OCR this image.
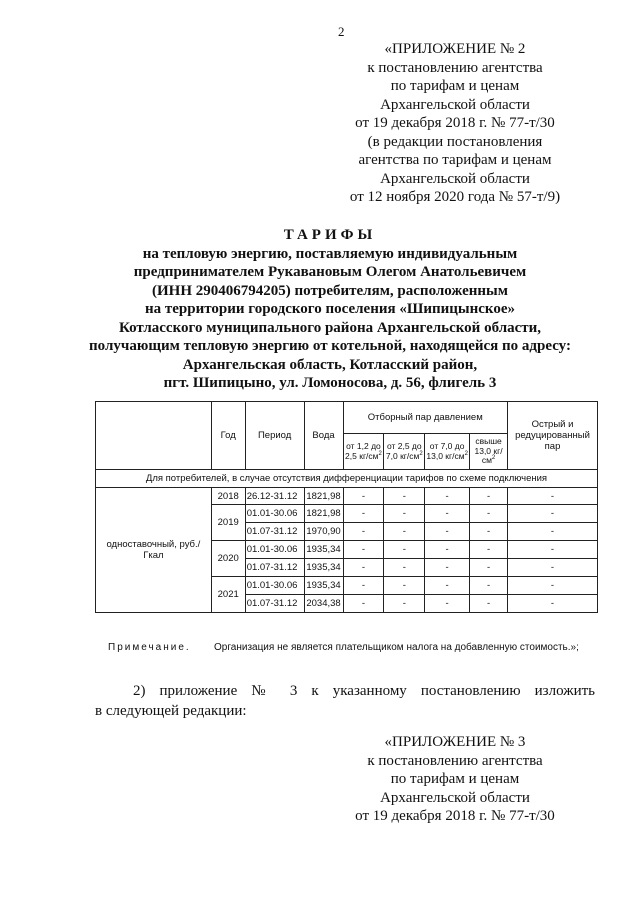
2
«ПРИЛОЖЕНИЕ № 2
к постановлению агентства
по тарифам и ценам
Архангельской области
от 19 декабря 2018 г. № 77-т/30
(в редакции постановления
агентства по тарифам и ценам
Архангельской области
от 12 ноября 2020 года № 57-т/9)
ТАРИФЫ
на тепловую энергию, поставляемую индивидуальным
предпринимателем Рукавановым Олегом Анатольевичем
(ИНН 290406794205) потребителям, расположенным
на территории городского поселения «Шипицынское»
Котласского муниципального района Архангельской области,
получающим тепловую энергию от котельной, находящейся по адресу:
Архангельская область, Котласский район,
пгт. Шипицыно, ул. Ломоносова, д. 56, флигель 3
	Год	Период	Вода	Отборный пар давлением				Острый и редуцированный пар
				от 1,2 до 2,5 $кг/см^2$	от 2,5 до 7,0 $кг/см^2$	от 7,0 до 13,0 $кг/см^2$	свыше 13,0 $кг/см^2$
Для потребителей, в случае отсутствия дифференциации тарифов по схеме подключения								
одноставочный, руб./Гкал	2018	26.12-31.12	1821,98	-	-	-	-	-
	2019	01.01-30.06	1821,98	-	-	-	-	-
		01.07-31.12	1970,90	-	-	-	-	-
	2020	01.01-30.06	1935,34	-	-	-	-	-
		01.07-31.12	1935,34	-	-	-	-	-
	2021	01.01-30.06	1935,34	-	-	-	-	-
		01.07-31.12	2034,38	-	-	-	-	-
Примечание. Организация не является плательщиком налога на добавленную стоимость.»;
2) приложение № 3 к указанному постановлению изложить
в следующей редакции:
«ПРИЛОЖЕНИЕ № 3
к постановлению агентства
по тарифам и ценам
Архангельской области
от 19 декабря 2018 г. № 77-т/30
